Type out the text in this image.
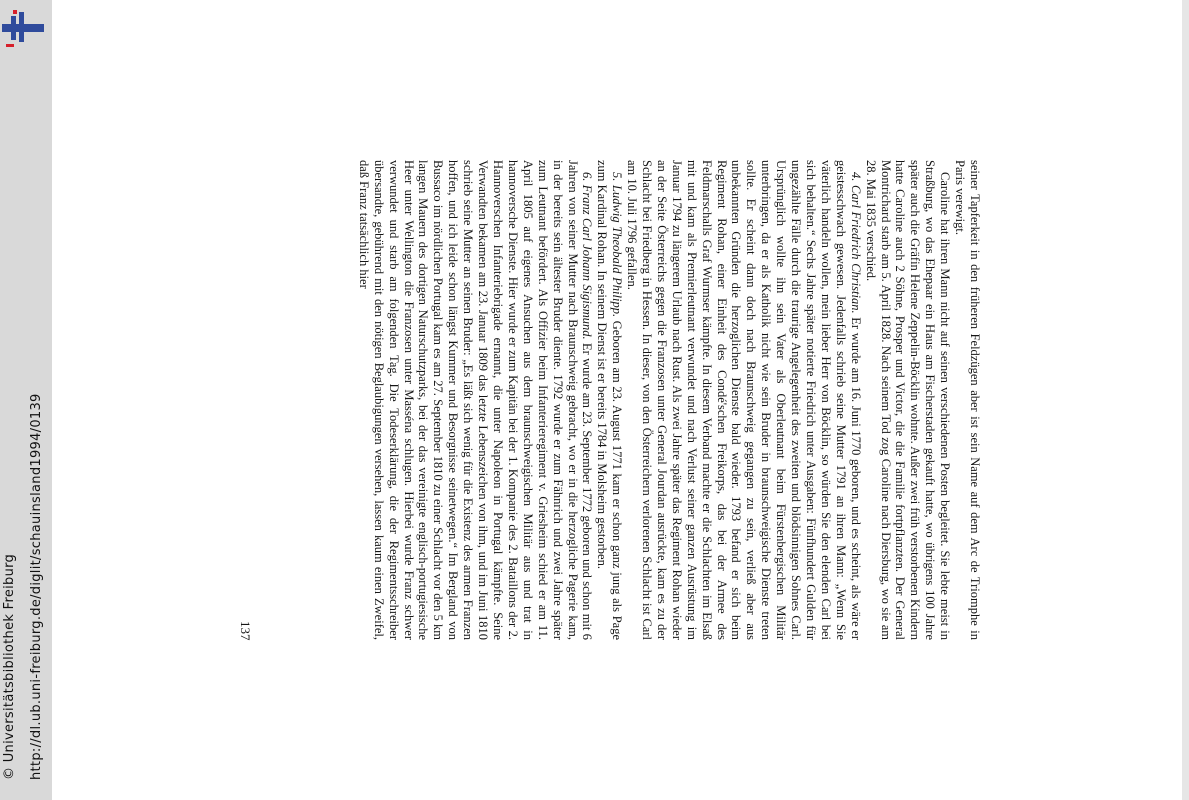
http://dl.ub.uni-freiburg.de/diglit/schauinsland1994/0139
© Universitätsbibliothek Freiburg

seiner Tapferkeit in den früheren Feldzügen aber ist sein Name auf dem Arc de Triomphe in Paris verewigt.

Caroline hat ihren Mann nicht auf seinen verschiedenen Posten begleitet. Sie lebte meist in Straßburg, wo das Ehepaar ein Haus am Fischerstaden gekauft hatte, wo übrigens 100 Jahre später auch die Gräfin Helene Zeppelin-Böcklin wohnte. Außer zwei früh verstorbenen Kindern hatte Caroline auch 2 Söhne, Prosper und Victor, die die Familie fortpflanzten. Der General Montrichard starb am 5. April 1828. Nach seinem Tod zog Caroline nach Diersburg, wo sie am 28. Mai 1835 verschied.

4. Carl Friedrich Christian. Er wurde am 16. Juni 1770 geboren, und es scheint, als wäre er geistesschwach gewesen. Jedenfalls schrieb seine Mutter 1791 an ihren Mann: „Wenn Sie väterlich handeln wollen, mein lieber Herr von Böcklin, so würden Sie den elenden Carl bei sich behalten.“ Sechs Jahre später notierte Friedrich unter Ausgaben: Fünfhundert Gulden für ungezählte Fälle durch die traurige Angelegenheit des zweiten und blödsinnigen Sohnes Carl. Ursprünglich wollte ihn sein Vater als Oberleutnant beim Fürstenbergischen Militär unterbringen, da er als Katholik nicht wie sein Bruder in braunschweigische Dienste treten sollte. Er scheint dann doch nach Braunschweig gegangen zu sein, verließ aber aus unbekannten Gründen die herzoglichen Dienste bald wieder. 1793 befand er sich beim Regiment Rohan, einer Einheit des Condé'schen Freikorps, das bei der Armee des Feldmarschalls Graf Wurmser kämpfte. In diesem Verband machte er die Schlachten im Elsaß mit und kam als Premierleutnant verwundet und nach Verlust seiner ganzen Ausrüstung im Januar 1794 zu längerem Urlaub nach Rust. Als zwei Jahre später das Regiment Rohan wieder an der Seite Österreichs gegen die Franzosen unter General Jourdan ausrückte, kam es zu der Schlacht bei Friedberg in Hessen. In dieser, von den Österreichern verlorenen Schlacht ist Carl am 10. Juli 1796 gefallen.

5. Ludwig Theobald Philipp. Geboren am 23. August 1771 kam er schon ganz jung als Page zum Kardinal Rohan. In seinem Dienst ist er bereits 1784 in Molsheim gestorben.

6. Franz Carl Johann Sigismund. Er wurde am 23. September 1772 geboren und schon mit 6 Jahren von seiner Mutter nach Braunschweig gebracht, wo er in die herzogliche Pagerie kam, in der bereits sein ältester Bruder diente. 1792 wurde er zum Fähnrich und zwei Jahre später zum Leutnant befördert. Als Offizier beim Infanterieregiment v. Griesheim schied er am 11. April 1805 auf eigenes Ansuchen aus dem braunschweigischen Militär aus und trat in hannoversche Dienste. Hier wurde er zum Kapitän bei der 1. Kompanie des 2. Bataillons der 2. Hannoverschen Infanteriebrigade ernannt, die unter Napoleon in Portugal kämpfte. Seine Verwandten bekamen am 23. Januar 1809 das letzte Lebenszeichen von ihm, und im Juni 1810 schrieb seine Mutter an seinen Bruder: „Es läßt sich wenig für die Existenz des armen Franzen hoffen, und ich leide schon längst Kummer und Besorgnisse seinetwegen.“ Im Bergland von Bussaco im nördlichen Portugal kam es am 27. September 1810 zu einer Schlacht vor den 5 km langen Mauern des dortigen Naturschutzparks, bei der das vereinigte englisch-portugiesische Heer unter Wellington die Franzosen unter Masséna schlugen. Hierbei wurde Franz schwer verwundet und starb am folgenden Tag. Die Todeserklärung, die der Regimentsschreiber übersandte, gebührend mit den nötigen Beglaubigungen versehen, lassen kaum einen Zweifel, daß Franz tatsächlich hier

137
